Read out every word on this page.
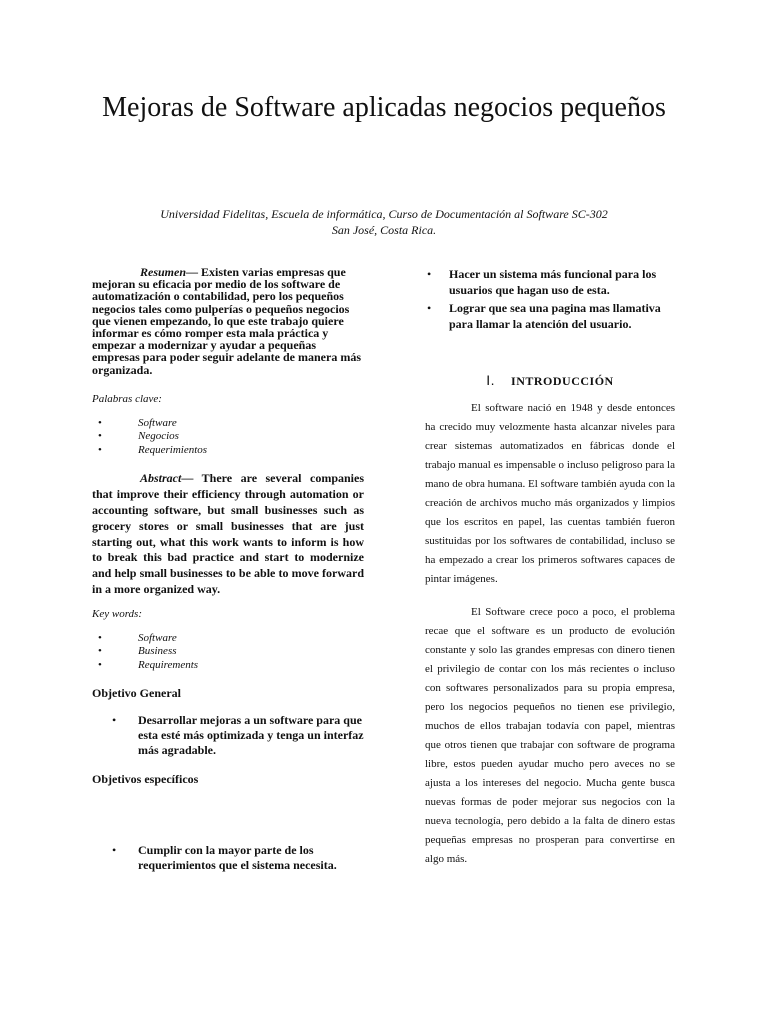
Mejoras de Software aplicadas negocios pequeños
Universidad Fidelitas, Escuela de informática, Curso de Documentación al Software SC-302
San José, Costa Rica.

Resumen— Existen varias empresas que mejoran su eficacia por medio de los software de automatización o contabilidad, pero los pequeños negocios tales como pulperías o pequeños negocios que vienen empezando, lo que este trabajo quiere informar es cómo romper esta mala práctica y empezar a modernizar y ayudar a pequeñas empresas para poder seguir adelante de manera más organizada.

Palabras clave:

• Software
• Negocios
• Requerimientos

Abstract— There are several companies that improve their efficiency through automation or accounting software, but small businesses such as grocery stores or small businesses that are just starting out, what this work wants to inform is how to break this bad practice and start to modernize and help small businesses to be able to move forward in a more organized way.

Key words:

• Software
• Business
• Requirements

Objetivo General

• Desarrollar mejoras a un software para que esta esté más optimizada y tenga un interfaz más agradable.

Objetivos específicos

• Cumplir con la mayor parte de los requerimientos que el sistema necesita.
• Hacer un sistema más funcional para los usuarios que hagan uso de esta.
• Lograr que sea una pagina mas llamativa para llamar la atención del usuario.

I. INTRODUCCIÓN

El software nació en 1948 y desde entonces ha crecido muy velozmente hasta alcanzar niveles para crear sistemas automatizados en fábricas donde el trabajo manual es impensable o incluso peligroso para la mano de obra humana. El software también ayuda con la creación de archivos mucho más organizados y limpios que los escritos en papel, las cuentas también fueron sustituidas por los softwares de contabilidad, incluso se ha empezado a crear los primeros softwares capaces de pintar imágenes.

El Software crece poco a poco, el problema recae que el software es un producto de evolución constante y solo las grandes empresas con dinero tienen el privilegio de contar con los más recientes o incluso con softwares personalizados para su propia empresa, pero los negocios pequeños no tienen ese privilegio, muchos de ellos trabajan todavía con papel, mientras que otros tienen que trabajar con software de programa libre, estos pueden ayudar mucho pero aveces no se ajusta a los intereses del negocio. Mucha gente busca nuevas formas de poder mejorar sus negocios con la nueva tecnología, pero debido a la falta de dinero estas pequeñas empresas no prosperan para convertirse en algo más.
